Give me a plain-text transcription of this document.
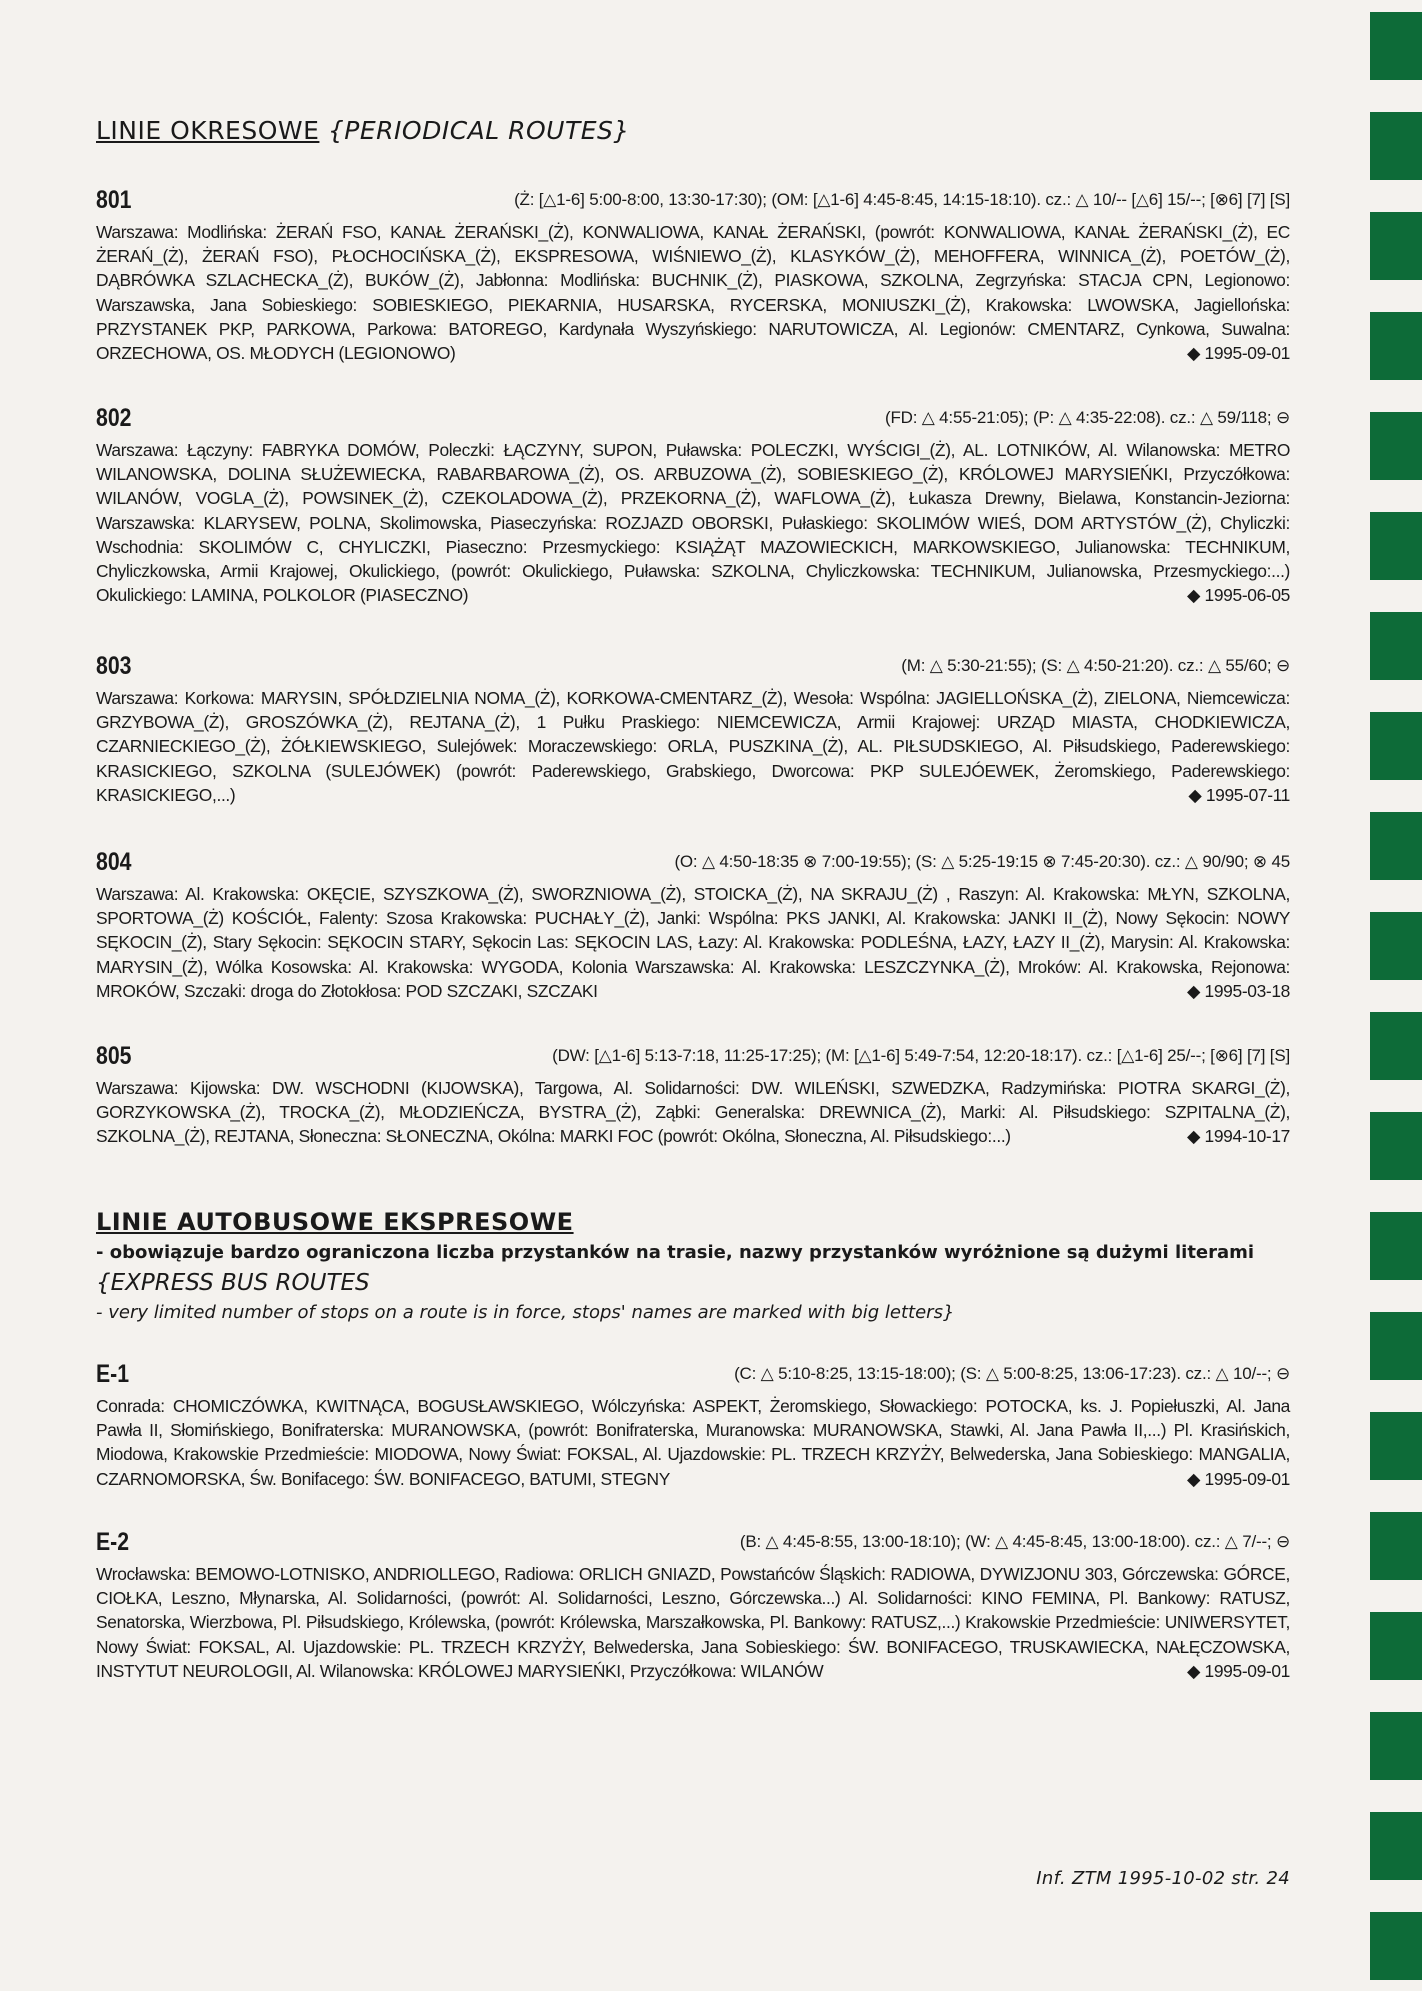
LINIE OKRESOWE {PERIODICAL ROUTES}
801	(Ż: [△1-6] 5:00-8:00, 13:30-17:30); (OM: [△1-6] 4:45-8:45, 14:15-18:10). cz.: △ 10/-- [△6] 15/--; [⊗6] [7] [S]
Warszawa: Modlińska: ŻERAŃ FSO, KANAŁ ŻERAŃSKI_(Ż), KONWALIOWA, KANAŁ ŻERAŃSKI, (powrót: KONWALIOWA, KANAŁ ŻERAŃSKI_(Ż), EC ŻERAŃ_(Ż), ŻERAŃ FSO), PŁOCHOCIŃSKA_(Ż), EKSPRESOWA, WIŚNIEWO_(Ż), KLASYKÓW_(Ż), MEHOFFERA, WINNICA_(Ż), POETÓW_(Ż), DĄBRÓWKA SZLACHECKA_(Ż), BUKÓW_(Ż), Jabłonna: Modlińska: BUCHNIK_(Ż), PIASKOWA, SZKOLNA, Zegrzyńska: STACJA CPN, Legionowo: Warszawska, Jana Sobieskiego: SOBIESKIEGO, PIEKARNIA, HUSARSKA, RYCERSKA, MONIUSZKI_(Ż), Krakowska: LWOWSKA, Jagiellońska: PRZYSTANEK PKP, PARKOWA, Parkowa: BATOREGO, Kardynała Wyszyńskiego: NARUTOWICZA, Al. Legionów: CMENTARZ, Cynkowa, Suwalna: ORZECHOWA, OS. MŁODYCH (LEGIONOWO)	◆ 1995-09-01
802	(FD: △ 4:55-21:05); (P: △ 4:35-22:08). cz.: △ 59/118; ⊖
Warszawa: Łączyny: FABRYKA DOMÓW, Poleczki: ŁĄCZYNY, SUPON, Puławska: POLECZKI, WYŚCIGI_(Ż), AL. LOTNIKÓW, Al. Wilanowska: METRO WILANOWSKA, DOLINA SŁUŻEWIECKA, RABARBAROWA_(Ż), OS. ARBUZOWA_(Ż), SOBIESKIEGO_(Ż), KRÓLOWEJ MARYSIEŃKI, Przyczółkowa: WILANÓW, VOGLA_(Ż), POWSINEK_(Ż), CZEKOLADOWA_(Ż), PRZEKORNA_(Ż), WAFLOWA_(Ż), Łukasza Drewny, Bielawa, Konstancin-Jeziorna: Warszawska: KLARYSEW, POLNA, Skolimowska, Piaseczyńska: ROZJAZD OBORSKI, Pułaskiego: SKOLIMÓW WIEŚ, DOM ARTYSTÓW_(Ż), Chyliczki: Wschodnia: SKOLIMÓW C, CHYLICZKI, Piaseczno: Przesmyckiego: KSIĄŻĄT MAZOWIECKICH, MARKOWSKIEGO, Julianowska: TECHNIKUM, Chyliczkowska, Armii Krajowej, Okulickiego, (powrót: Okulickiego, Puławska: SZKOLNA, Chyliczkowska: TECHNIKUM, Julianowska, Przesmyckiego:...) Okulickiego: LAMINA, POLKOLOR (PIASECZNO)	◆ 1995-06-05
803	(M: △ 5:30-21:55); (S: △ 4:50-21:20). cz.: △ 55/60; ⊖
Warszawa: Korkowa: MARYSIN, SPÓŁDZIELNIA NOMA_(Ż), KORKOWA-CMENTARZ_(Ż), Wesoła: Wspólna: JAGIELLOŃSKA_(Ż), ZIELONA, Niemcewicza: GRZYBOWA_(Ż), GROSZÓWKA_(Ż), REJTANA_(Ż), 1 Pułku Praskiego: NIEMCEWICZA, Armii Krajowej: URZĄD MIASTA, CHODKIEWICZA, CZARNIECKIEGO_(Ż), ŻÓŁKIEWSKIEGO, Sulejówek: Moraczewskiego: ORLA, PUSZKINA_(Ż), AL. PIŁSUDSKIEGO, Al. Piłsudskiego, Paderewskiego: KRASICKIEGO, SZKOLNA (SULEJÓWEK) (powrót: Paderewskiego, Grabskiego, Dworcowa: PKP SULEJÓEWEK, Żeromskiego, Paderewskiego: KRASICKIEGO,...)	◆ 1995-07-11
804	(O: △ 4:50-18:35 ⊗ 7:00-19:55); (S: △ 5:25-19:15 ⊗ 7:45-20:30). cz.: △ 90/90; ⊗ 45
Warszawa: Al. Krakowska: OKĘCIE, SZYSZKOWA_(Ż), SWORZNIOWA_(Ż), STOICKA_(Ż), NA SKRAJU_(Ż) , Raszyn: Al. Krakowska: MŁYN, SZKOLNA, SPORTOWA_(Ż) KOŚCIÓŁ, Falenty: Szosa Krakowska: PUCHAŁY_(Ż), Janki: Wspólna: PKS JANKI, Al. Krakowska: JANKI II_(Ż), Nowy Sękocin: NOWY SĘKOCIN_(Ż), Stary Sękocin: SĘKOCIN STARY, Sękocin Las: SĘKOCIN LAS, Łazy: Al. Krakowska: PODLEŚNA, ŁAZY, ŁAZY II_(Ż), Marysin: Al. Krakowska: MARYSIN_(Ż), Wólka Kosowska: Al. Krakowska: WYGODA, Kolonia Warszawska: Al. Krakowska: LESZCZYNKA_(Ż), Mroków: Al. Krakowska, Rejonowa: MROKÓW, Szczaki: droga do Złotokłosa: POD SZCZAKI, SZCZAKI	◆ 1995-03-18
805	(DW: [△1-6] 5:13-7:18, 11:25-17:25); (M: [△1-6] 5:49-7:54, 12:20-18:17). cz.: [△1-6] 25/--; [⊗6] [7] [S]
Warszawa: Kijowska: DW. WSCHODNI (KIJOWSKA), Targowa, Al. Solidarności: DW. WILEŃSKI, SZWEDZKA, Radzymińska: PIOTRA SKARGI_(Ż), GORZYKOWSKA_(Ż), TROCKA_(Ż), MŁODZIEŃCZA, BYSTRA_(Ż), Ząbki: Generalska: DREWNICA_(Ż), Marki: Al. Piłsudskiego: SZPITALNA_(Ż), SZKOLNA_(Ż), REJTANA, Słoneczna: SŁONECZNA, Okólna: MARKI FOC (powrót: Okólna, Słoneczna, Al. Piłsudskiego:...)	◆ 1994-10-17
LINIE AUTOBUSOWE EKSPRESOWE
- obowiązuje bardzo ograniczona liczba przystanków na trasie, nazwy przystanków wyróżnione są dużymi literami
{EXPRESS BUS ROUTES
- very limited number of stops on a route is in force, stops' names are marked with big letters}
E-1	(C: △ 5:10-8:25, 13:15-18:00); (S: △ 5:00-8:25, 13:06-17:23). cz.: △ 10/--; ⊖
Conrada: CHOMICZÓWKA, KWITNĄCA, BOGUSŁAWSKIEGO, Wólczyńska: ASPEKT, Żeromskiego, Słowackiego: POTOCKA, ks. J. Popiełuszki, Al. Jana Pawła II, Słomińskiego, Bonifraterska: MURANOWSKA, (powrót: Bonifraterska, Muranowska: MURANOWSKA, Stawki, Al. Jana Pawła II,...) Pl. Krasińskich, Miodowa, Krakowskie Przedmieście: MIODOWA, Nowy Świat: FOKSAL, Al. Ujazdowskie: PL. TRZECH KRZYŻY, Belwederska, Jana Sobieskiego: MANGALIA, CZARNOMORSKA, Św. Bonifacego: ŚW. BONIFACEGO, BATUMI, STEGNY	◆ 1995-09-01
E-2	(B: △ 4:45-8:55, 13:00-18:10); (W: △ 4:45-8:45, 13:00-18:00). cz.: △ 7/--; ⊖
Wrocławska: BEMOWO-LOTNISKO, ANDRIOLLEGO, Radiowa: ORLICH GNIAZD, Powstańców Śląskich: RADIOWA, DYWIZJONU 303, Górczewska: GÓRCE, CIOŁKA, Leszno, Młynarska, Al. Solidarności, (powrót: Al. Solidarności, Leszno, Górczewska...) Al. Solidarności: KINO FEMINA, Pl. Bankowy: RATUSZ, Senatorska, Wierzbowa, Pl. Piłsudskiego, Królewska, (powrót: Królewska, Marszałkowska, Pl. Bankowy: RATUSZ,...) Krakowskie Przedmieście: UNIWERSYTET, Nowy Świat: FOKSAL, Al. Ujazdowskie: PL. TRZECH KRZYŻY, Belwederska, Jana Sobieskiego: ŚW. BONIFACEGO, TRUSKAWIECKA, NAŁĘCZOWSKA, INSTYTUT NEUROLOGII, Al. Wilanowska: KRÓLOWEJ MARYSIEŃKI, Przyczółkowa: WILANÓW	◆ 1995-09-01
Inf. ZTM 1995-10-02 str. 24
